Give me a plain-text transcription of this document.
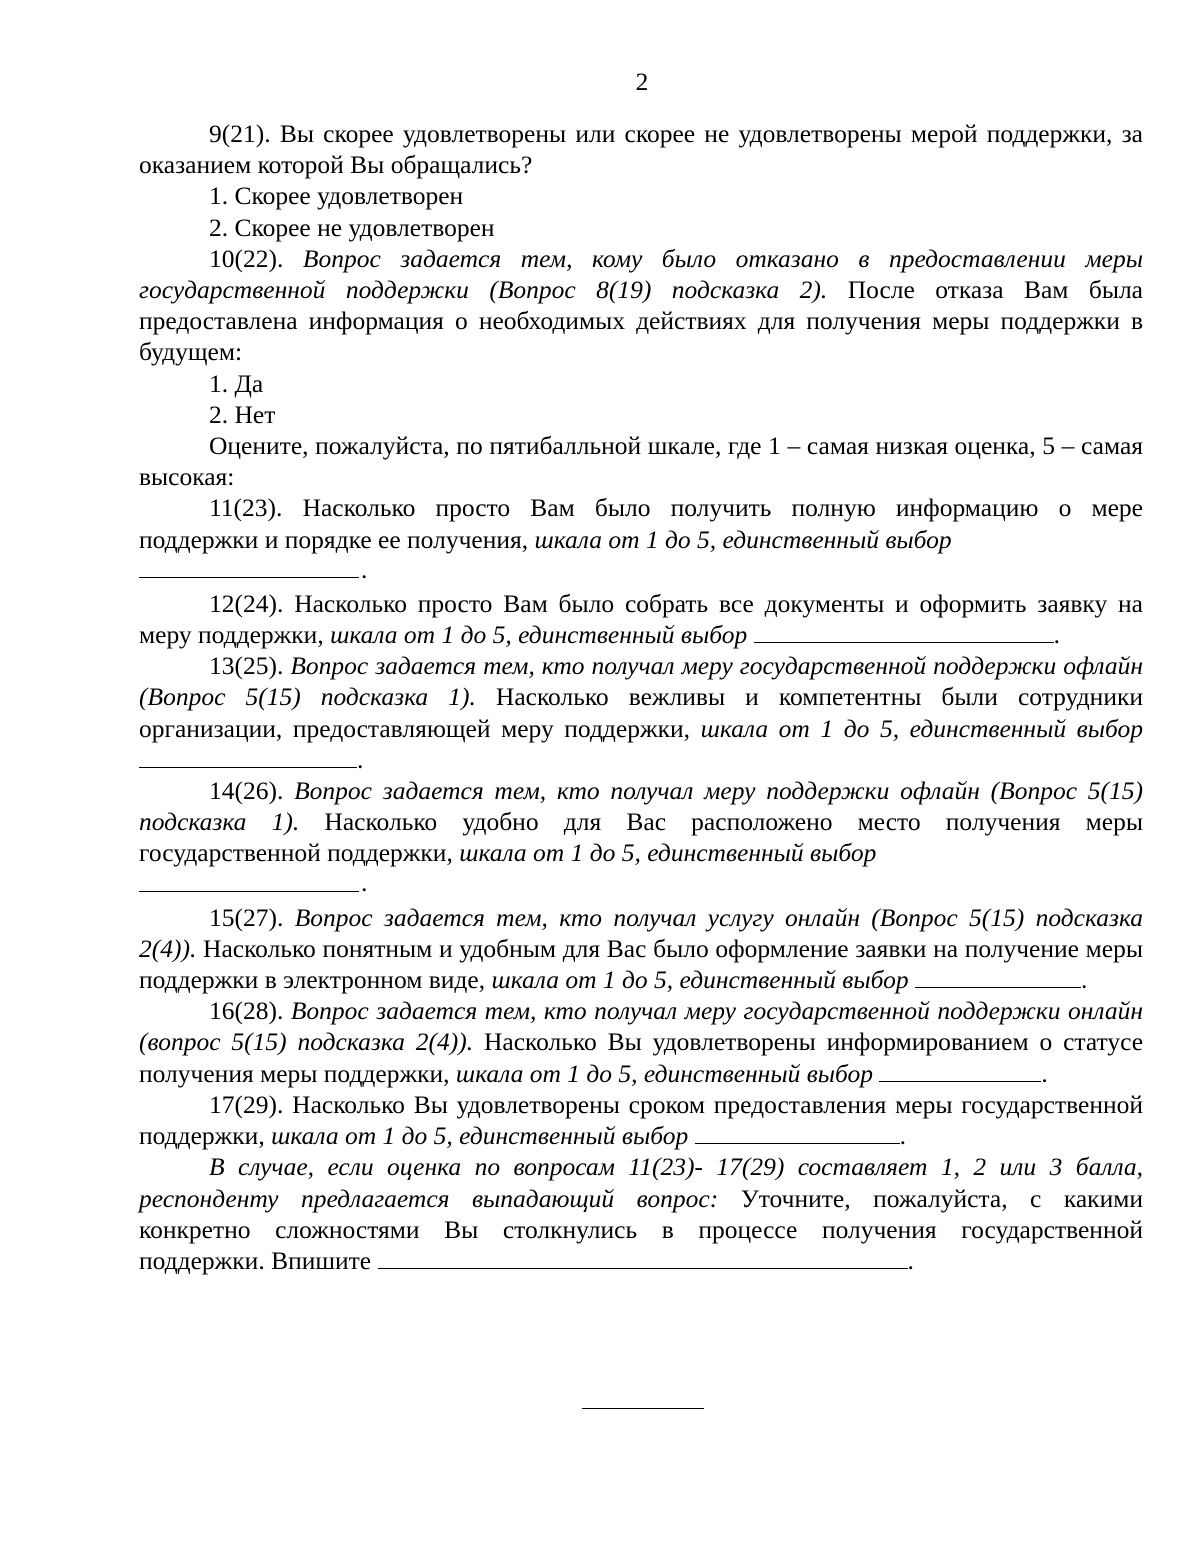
2

9(21). Вы скорее удовлетворены или скорее не удовлетворены мерой поддержки, за оказанием которой Вы обращались?

1. Скорее удовлетворен

2. Скорее не удовлетворен

10(22). Вопрос задается тем, кому было отказано в предоставлении меры государственной поддержки (Вопрос 8(19) подсказка 2). После отказа Вам была предоставлена информация о необходимых действиях для получения меры поддержки в будущем:

1. Да

2. Нет

Оцените, пожалуйста, по пятибалльной шкале, где 1 – самая низкая оценка, 5 – самая высокая:

11(23). Насколько просто Вам было получить полную информацию о мере поддержки и порядке ее получения, шкала от 1 до 5, единственный выбор

.

12(24). Насколько просто Вам было собрать все документы и оформить заявку на меру поддержки, шкала от 1 до 5, единственный выбор	.

13(25). Вопрос задается тем, кто получал меру государственной поддержки офлайн (Вопрос 5(15) подсказка 1). Насколько вежливы и компетентны были сотрудники организации, предоставляющей меру поддержки, шкала от 1 до 5, единственный выбор .

14(26). Вопрос задается тем, кто получал меру поддержки офлайн (Вопрос 5(15) подсказка 1). Насколько удобно для Вас расположено место получения меры государственной поддержки, шкала от 1 до 5, единственный выбор

.

15(27). Вопрос задается тем, кто получал услугу онлайн (Вопрос 5(15) подсказка 2(4)). Насколько понятным и удобным для Вас было оформление заявки на получение меры поддержки в электронном виде, шкала от 1 до 5, единственный выбор	.

16(28). Вопрос задается тем, кто получал меру государственной поддержки онлайн (вопрос 5(15) подсказка 2(4)). Насколько Вы удовлетворены информированием о статусе получения меры поддержки, шкала от 1 до 5, единственный выбор	.

17(29). Насколько Вы удовлетворены сроком предоставления меры государственной поддержки, шкала от 1 до 5, единственный выбор	.

В случае, если оценка по вопросам 11(23)- 17(29) составляет 1, 2 или 3 балла, респонденту предлагается выпадающий вопрос: Уточните, пожалуйста, с какими конкретно сложностями Вы столкнулись в процессе получения государственной поддержки. Впишите	.
